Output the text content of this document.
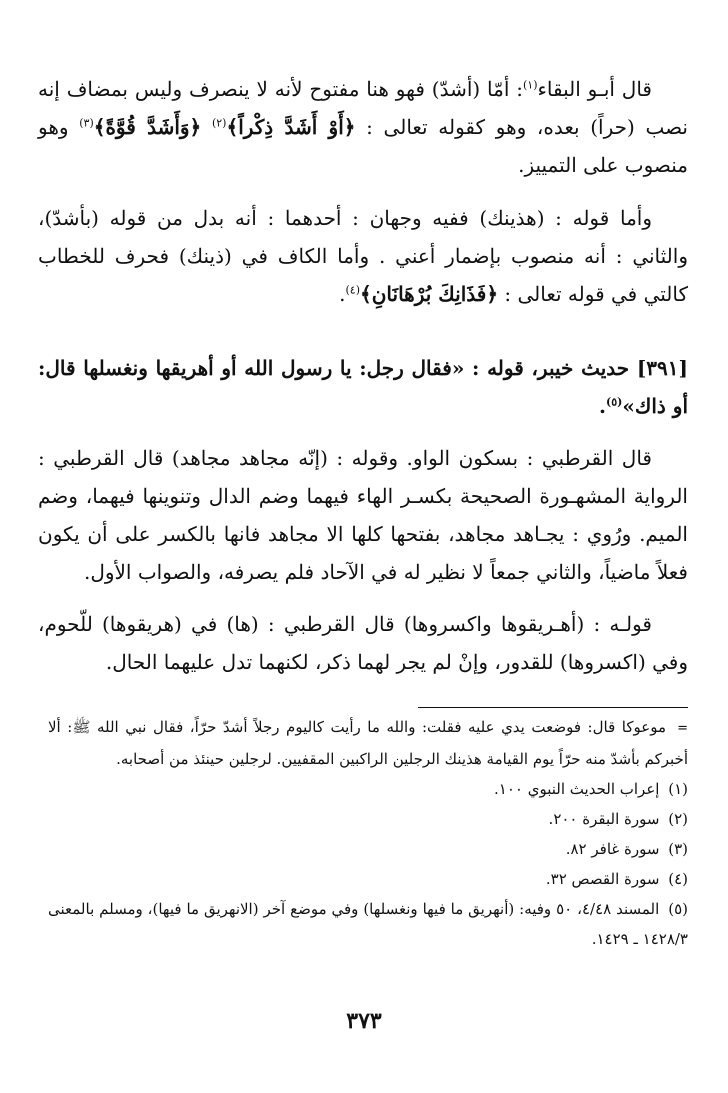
قال أبـو البقاء$^{(١)}$: أمّا (أشدّ) فهو هنا مفتوح لأنه لا ينصرف وليس بمضاف إنه نصب (حراً) بعده، وهو كقوله تعالى : ﴿أَوْ أَشَدَّ ذِكْراً﴾$^{(٢)}$ ﴿وَأَشَدَّ قُوَّةً﴾$^{(٣)}$ وهو منصوب على التمييز.

وأما قوله : (هذينك) ففيه وجهان : أحدهما : أنه بدل من قوله (بأشدّ)، والثاني : أنه منصوب بإضمار أعني . وأما الكاف في (ذينك) فحرف للخطاب كالتي في قوله تعالى : ﴿فَذَانِكَ بُرْهَانَانِ﴾$^{(٤)}$.

[٣٩١] حديث خيبر، قوله : «فقال رجل: يا رسول الله أو أهريقها ونغسلها قال: أو ذاك»$^{(٥)}$.

قال القرطبي : بسكون الواو. وقوله : (إنّه مجاهد مجاهد) قال القرطبي : الرواية المشهـورة الصحيحة بكسـر الهاء فيهما وضم الدال وتنوينها فيهما، وضم الميم. ورُوي : يجـاهد مجاهد، بفتحها كلها الا مجاهد فانها بالكسر على أن يكون فعلاً ماضياً، والثاني جمعاً لا نظير له في الآحاد فلم يصرفه، والصواب الأول.

قولـه : (أهـريقوها واكسروها) قال القرطبي : (ها) في (هريقوها) للّحوم، وفي (اكسروها) للقدور، وإنْ لم يجر لهما ذكر، لكنهما تدل عليهما الحال.

=موعوكا قال: فوضعت يدي عليه فقلت: والله ما رأيت كاليوم رجلاً أشدّ حرّاً، فقال نبي الله ﷺ: ألا أخبركم بأشدّ منه حرّاً يوم القيامة هذينك الرجلين الراكبين المقفيين. لرجلين حينئذ من أصحابه.

(١) إعراب الحديث النبوي ١٠٠.

(٢) سورة البقرة ٢٠٠.

(٣) سورة غافر ٨٢.

(٤) سورة القصص ٣٢.

(٥) المسند ٤/٤٨، ٥٠ وفيه: (أنهريق ما فيها ونغسلها) وفي موضع آخر (الانهريق ما فيها)، ومسلم بالمعنى ١٤٢٨/٣ ـ ١٤٢٩.

٣٧٣
